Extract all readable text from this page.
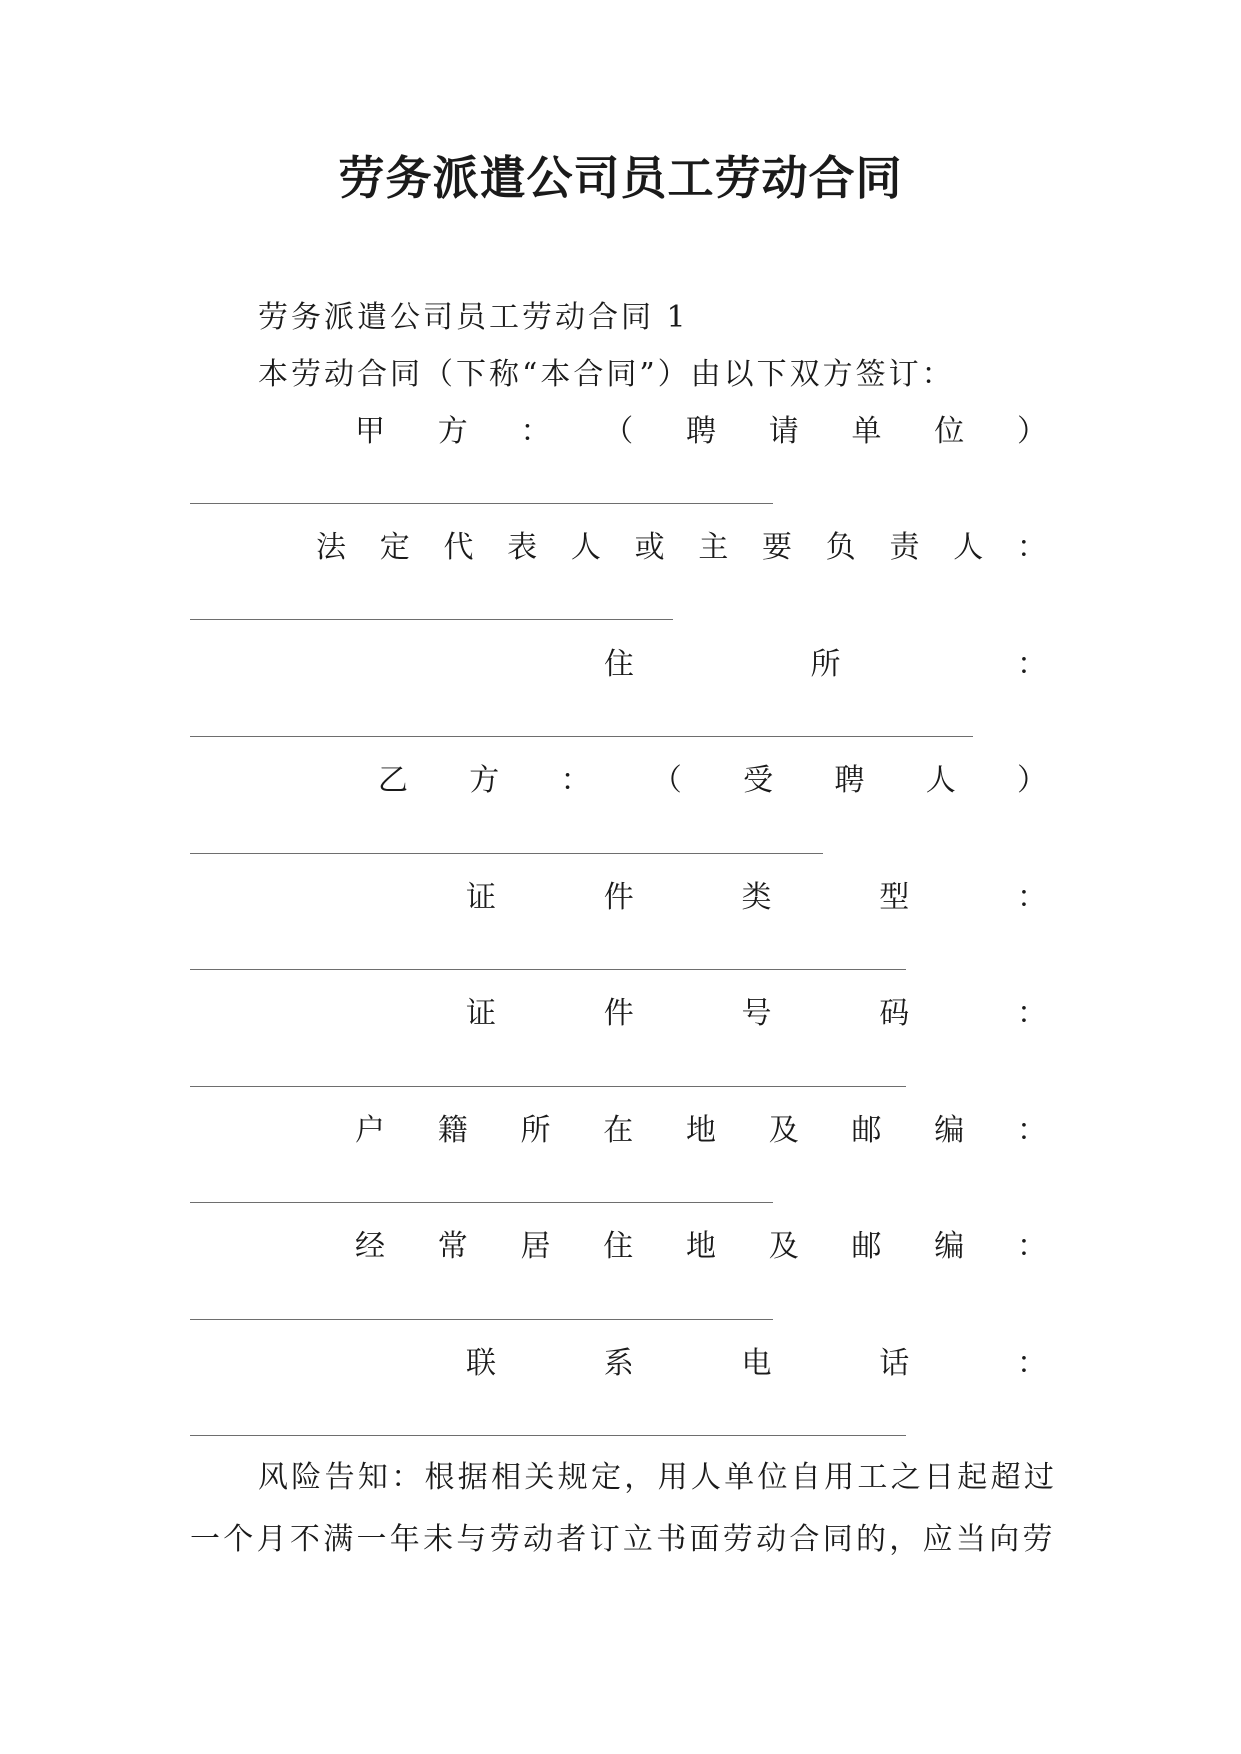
劳务派遣公司员工劳动合同
劳务派遣公司员工劳动合同 1
本劳动合同（下称“本合同”）由以下双方签订：
甲 方 ： （ 聘 请 单 位 ）
法 定 代 表 人 或 主 要 负 责 人 ：
住	所	：
乙 方 ： （ 受 聘 人 ）
证	件	类	型	：
证	件	号	码	：
户 籍 所 在 地 及 邮 编 ：
经 常 居 住 地 及 邮 编 ：
联	系	电	话	：
风险告知：根据相关规定，用人单位自用工之日起超过一个月不满一年未与劳动者订立书面劳动合同的，应当向劳
